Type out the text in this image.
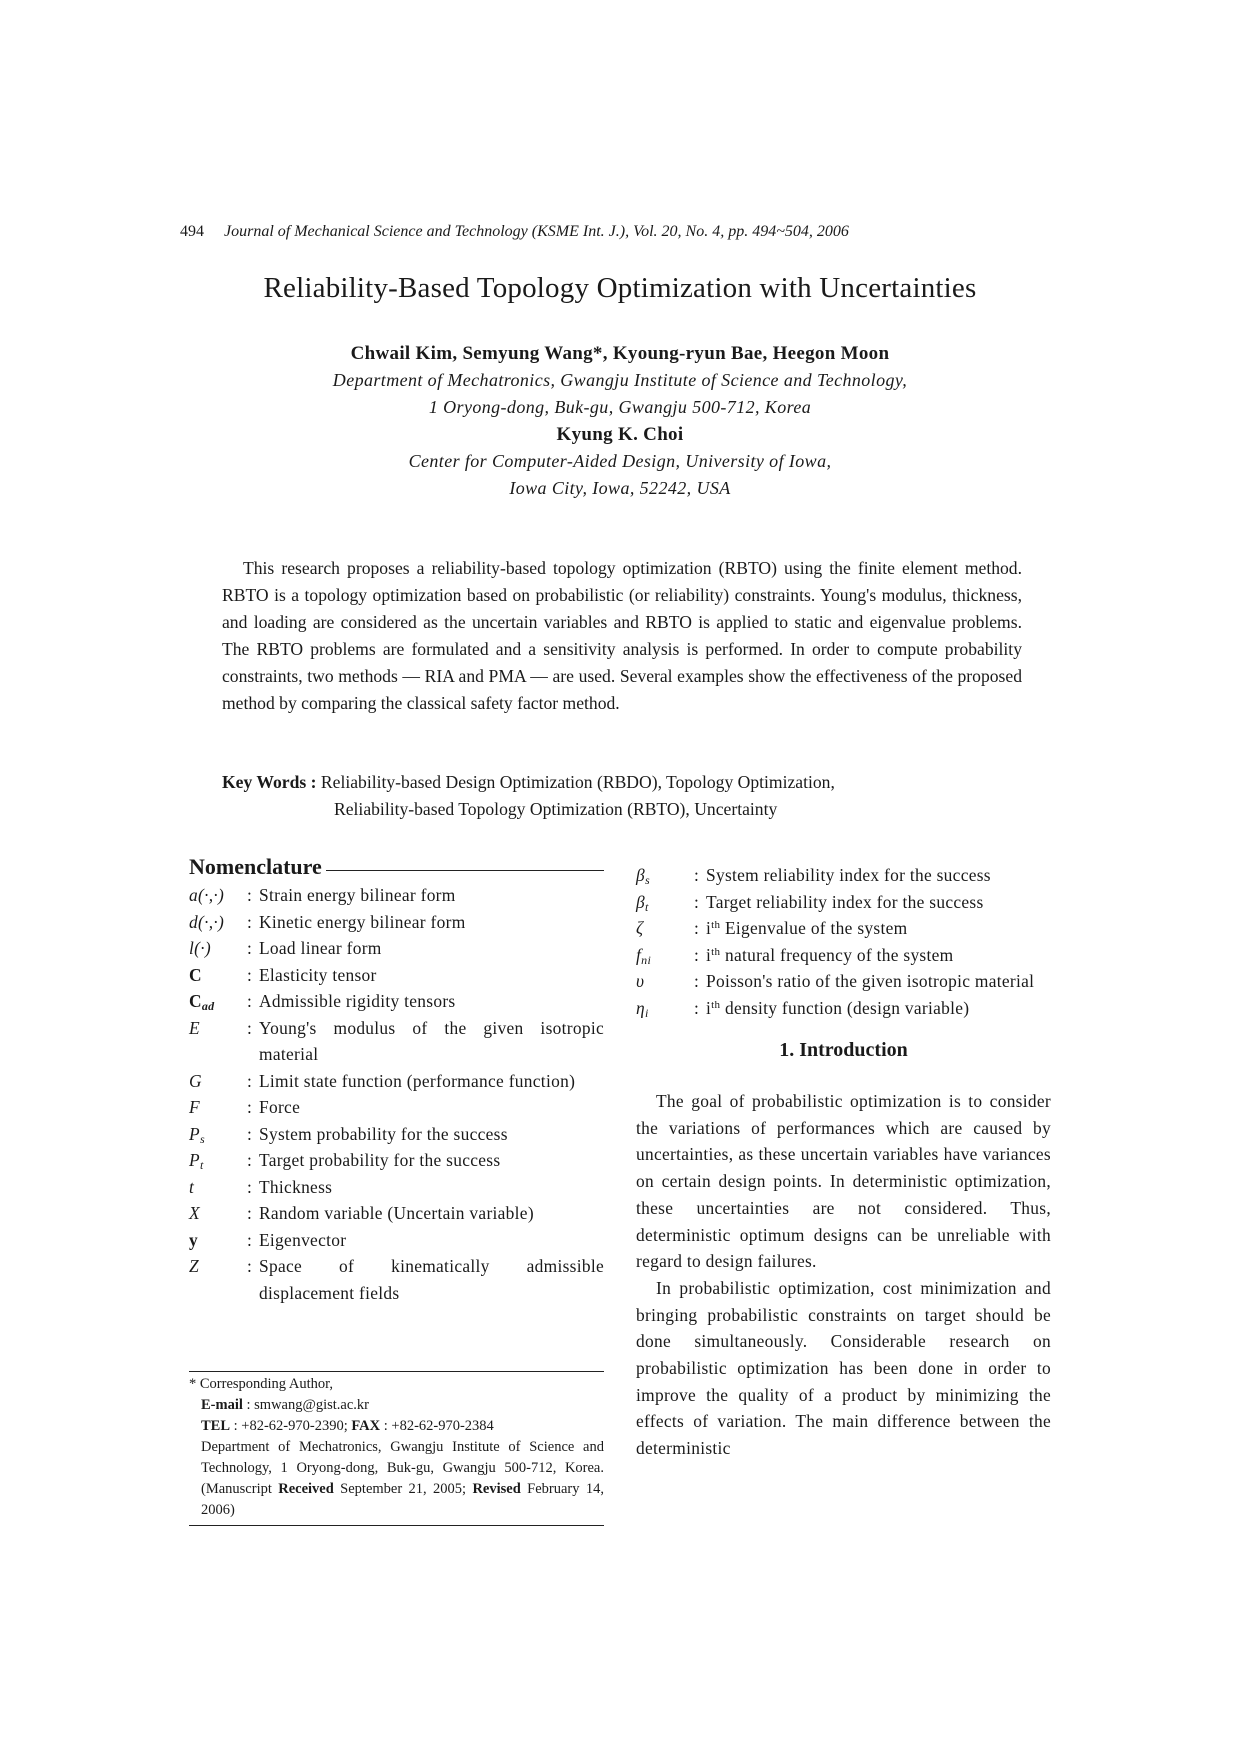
494 Journal of Mechanical Science and Technology (KSME Int. J.), Vol. 20, No. 4, pp. 494~504, 2006
Reliability-Based Topology Optimization with Uncertainties
Chwail Kim, Semyung Wang*, Kyoung-ryun Bae, Heegon Moon
Department of Mechatronics, Gwangju Institute of Science and Technology,
1 Oryong-dong, Buk-gu, Gwangju 500-712, Korea
Kyung K. Choi
Center for Computer-Aided Design, University of Iowa,
Iowa City, Iowa, 52242, USA
This research proposes a reliability-based topology optimization (RBTO) using the finite element method. RBTO is a topology optimization based on probabilistic (or reliability) constraints. Young's modulus, thickness, and loading are considered as the uncertain variables and RBTO is applied to static and eigenvalue problems. The RBTO problems are formulated and a sensitivity analysis is performed. In order to compute probability constraints, two methods — RIA and PMA — are used. Several examples show the effectiveness of the proposed method by comparing the classical safety factor method.
Key Words : Reliability-based Design Optimization (RBDO), Topology Optimization,
Reliability-based Topology Optimization (RBTO), Uncertainty
Nomenclature
a(·,·)	: Strain energy bilinear form
d(·,·)	: Kinetic energy bilinear form
l(·)	: Load linear form
C	: Elasticity tensor
$C_{ad}$	: Admissible rigidity tensors
E	: Young's modulus of the given isotropic material
G	: Limit state function (performance function)
F	: Force
$P_s$	: System probability for the success
$P_t$	: Target probability for the success
t	: Thickness
X	: Random variable (Uncertain variable)
y	: Eigenvector
Z	: Space of kinematically admissible displacement fields
* Corresponding Author,
E-mail : smwang@gist.ac.kr
TEL : +82-62-970-2390; FAX : +82-62-970-2384
Department of Mechatronics, Gwangju Institute of Science and Technology, 1 Oryong-dong, Buk-gu, Gwangju 500-712, Korea. (Manuscript Received September 21, 2005; Revised February 14, 2006)
$\beta_s$	: System reliability index for the success
$\beta_t$	: Target reliability index for the success
ζ	: $i^{th}$ Eigenvalue of the system
$f_{ni}$	: $i^{th}$ natural frequency of the system
υ	: Poisson's ratio of the given isotropic material
$\eta_i$	: $i^{th}$ density function (design variable)
1. Introduction

The goal of probabilistic optimization is to consider the variations of performances which are caused by uncertainties, as these uncertain variables have variances on certain design points. In deterministic optimization, these uncertainties are not considered. Thus, deterministic optimum designs can be unreliable with regard to design failures.

In probabilistic optimization, cost minimization and bringing probabilistic constraints on target should be done simultaneously. Considerable research on probabilistic optimization has been done in order to improve the quality of a product by minimizing the effects of variation. The main difference between the deterministic
